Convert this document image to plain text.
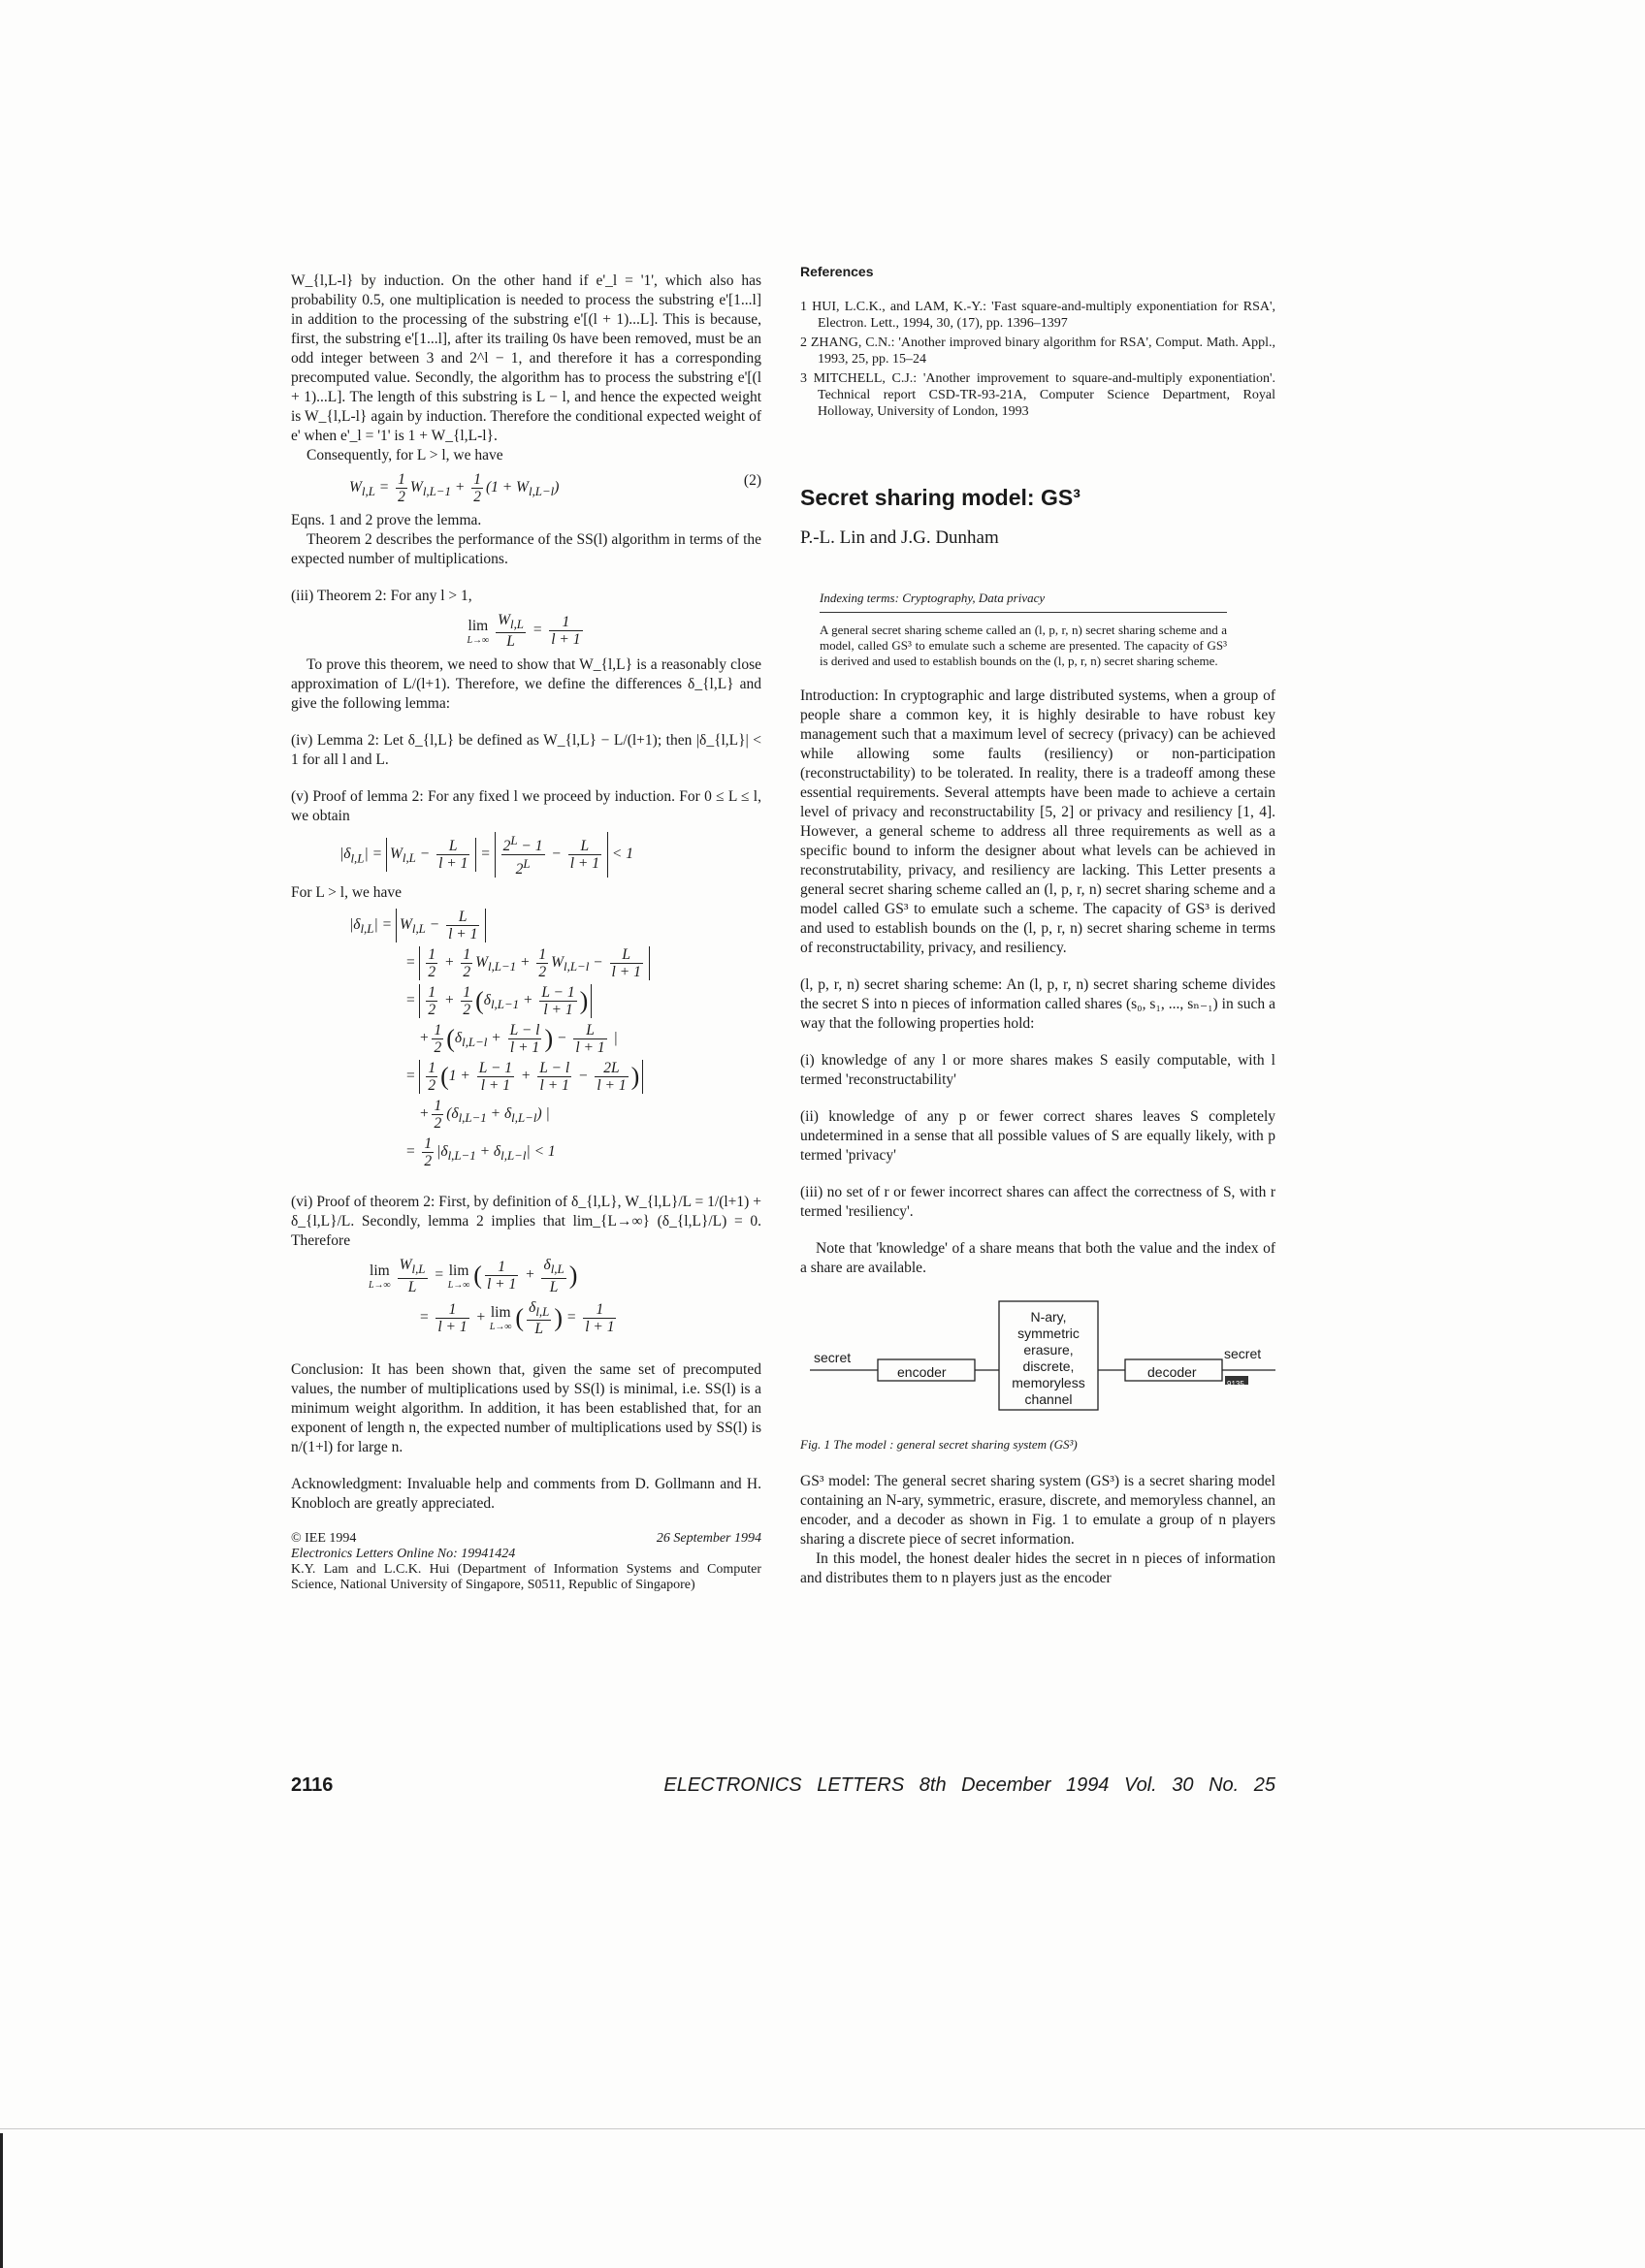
W_{l,L-l} by induction. On the other hand if e'_l = '1', which also has probability 0.5, one multiplication is needed to process the substring e'[1...l] in addition to the processing of the substring e'[(l + 1)...L]. This is because, first, the substring e'[1...l], after its trailing 0s have been removed, must be an odd integer between 3 and 2^l − 1, and therefore it has a corresponding precomputed value. Secondly, the algorithm has to process the substring e'[(l + 1)...L]. The length of this substring is L − l, and hence the expected weight is W_{l,L-l} again by induction. Therefore the conditional expected weight of e' when e'_l = '1' is 1 + W_{l,L-l}.

Consequently, for L > l, we have

$W_{l,L} = \frac{1}{2} W_{l,L-1} + \frac{1}{2} (1 + W_{l,L-l})$	(2)

Eqns. 1 and 2 prove the lemma.

Theorem 2 describes the performance of the SS(l) algorithm in terms of the expected number of multiplications.

(iii) Theorem 2: For any l > 1,

lim
L→∞
$\frac{W_{l,L}}{L} = \frac{1}{l + 1}$

To prove this theorem, we need to show that W_{l,L} is a reasonably close approximation of L/(l+1). Therefore, we define the differences δ_{l,L} and give the following lemma:

(iv) Lemma 2: Let δ_{l,L} be defined as W_{l,L} − L/(l+1); then |δ_{l,L}| < 1 for all l and L.

(v) Proof of lemma 2: For any fixed l we proceed by induction. For 0 ≤ L ≤ l, we obtain

$|\delta_{l,L}| = W_{l,L} - \frac{L}{l + 1} = \frac{2^L - 1}{2^L} - \frac{L}{l + 1} < 1$

For L > l, we have

$|\delta_{l,L}| = W_{l,L} - \frac{L}{l + 1}$
= $\frac{1}{2} + \frac{1}{2} W_{l,L-1} + \frac{1}{2} W_{l,L-l} - \frac{L}{l + 1}$
= $\frac{1}{2} + \frac{1}{2} (\delta_{l,L-1} + \frac{L - 1}{l + 1}$ )
+ $\frac{1}{2} (\delta_{l,L-l} + \frac{L - l}{l + 1}$ ) − $\frac{L}{l + 1}$ |
= $\frac{1}{2} (1 + \frac{L - 1}{l + 1} + \frac{L - l}{l + 1} - \frac{2L}{l + 1}$ )
+ $\frac{1}{2} (\delta_{l,L-1} + \delta_{l,L-l})$ |
= $\frac{1}{2} |\delta_{l,L-1} + \delta_{l,L-l}| < 1$

(vi) Proof of theorem 2: First, by definition of δ_{l,L}, W_{l,L}/L = 1/(l+1) + δ_{l,L}/L. Secondly, lemma 2 implies that lim_{L→∞} (δ_{l,L}/L) = 0. Therefore

lim
L→∞
$\frac{W_{l,L}}{L} = \lim$
L→∞ ( $\frac{1}{l + 1} + \frac{\delta_{l,L}}{L}$ )
= $\frac{1}{l + 1} + \lim$
L→∞ ( $\frac{\delta_{l,L}}{L}$ ) = $\frac{1}{l + 1}$

Conclusion: It has been shown that, given the same set of precomputed values, the number of multiplications used by SS(l) is minimal, i.e. SS(l) is a minimum weight algorithm. In addition, it has been established that, for an exponent of length n, the expected number of multiplications used by SS(l) is n/(1+l) for large n.

Acknowledgment: Invaluable help and comments from D. Gollmann and H. Knobloch are greatly appreciated.

© IEE 1994	26 September 1994
Electronics Letters Online No: 19941424
K.Y. Lam and L.C.K. Hui (Department of Information Systems and Computer Science, National University of Singapore, S0511, Republic of Singapore)
References
1 HUI, L.C.K., and LAM, K.-Y.: 'Fast square-and-multiply exponentiation for RSA', Electron. Lett., 1994, 30, (17), pp. 1396–1397
2 ZHANG, C.N.: 'Another improved binary algorithm for RSA', Comput. Math. Appl., 1993, 25, pp. 15–24
3 MITCHELL, C.J.: 'Another improvement to square-and-multiply exponentiation'. Technical report CSD-TR-93-21A, Computer Science Department, Royal Holloway, University of London, 1993
Secret sharing model: GS³
P.-L. Lin and J.G. Dunham
Indexing terms: Cryptography, Data privacy
A general secret sharing scheme called an (l, p, r, n) secret sharing scheme and a model, called GS³ to emulate such a scheme are presented. The capacity of GS³ is derived and used to establish bounds on the (l, p, r, n) secret sharing scheme.

Introduction: In cryptographic and large distributed systems, when a group of people share a common key, it is highly desirable to have robust key management such that a maximum level of secrecy (privacy) can be achieved while allowing some faults (resiliency) or non-participation (reconstructability) to be tolerated. In reality, there is a tradeoff among these essential requirements. Several attempts have been made to achieve a certain level of privacy and reconstructability [5, 2] or privacy and resiliency [1, 4]. However, a general scheme to address all three requirements as well as a specific bound to inform the designer about what levels can be achieved in reconstrutability, privacy, and resiliency are lacking. This Letter presents a general secret sharing scheme called an (l, p, r, n) secret sharing scheme and a model called GS³ to emulate such a scheme. The capacity of GS³ is derived and used to establish bounds on the (l, p, r, n) secret sharing scheme in terms of reconstructability, privacy, and resiliency.

(l, p, r, n) secret sharing scheme: An (l, p, r, n) secret sharing scheme divides the secret S into n pieces of information called shares (s₀, s₁, ..., sₙ₋₁) in such a way that the following properties hold:

(i) knowledge of any l or more shares makes S easily computable, with l termed 'reconstructability'

(ii) knowledge of any p or fewer correct shares leaves S completely undetermined in a sense that all possible values of S are equally likely, with p termed 'privacy'

(iii) no set of r or fewer incorrect shares can affect the correctness of S, with r termed 'resiliency'.

Note that 'knowledge' of a share means that both the value and the index of a share are available.

secret
encoder
N-ary, symmetric erasure, discrete, memoryless channel
decoder
secret
9135
Fig. 1 The model : general secret sharing system (GS³)

GS³ model: The general secret sharing system (GS³) is a secret sharing model containing an N-ary, symmetric, erasure, discrete, and memoryless channel, an encoder, and a decoder as shown in Fig. 1 to emulate a group of n players sharing a discrete piece of secret information.

In this model, the honest dealer hides the secret in n pieces of information and distributes them to n players just as the encoder

2116	ELECTRONICS LETTERS 8th December 1994 Vol. 30 No. 25
